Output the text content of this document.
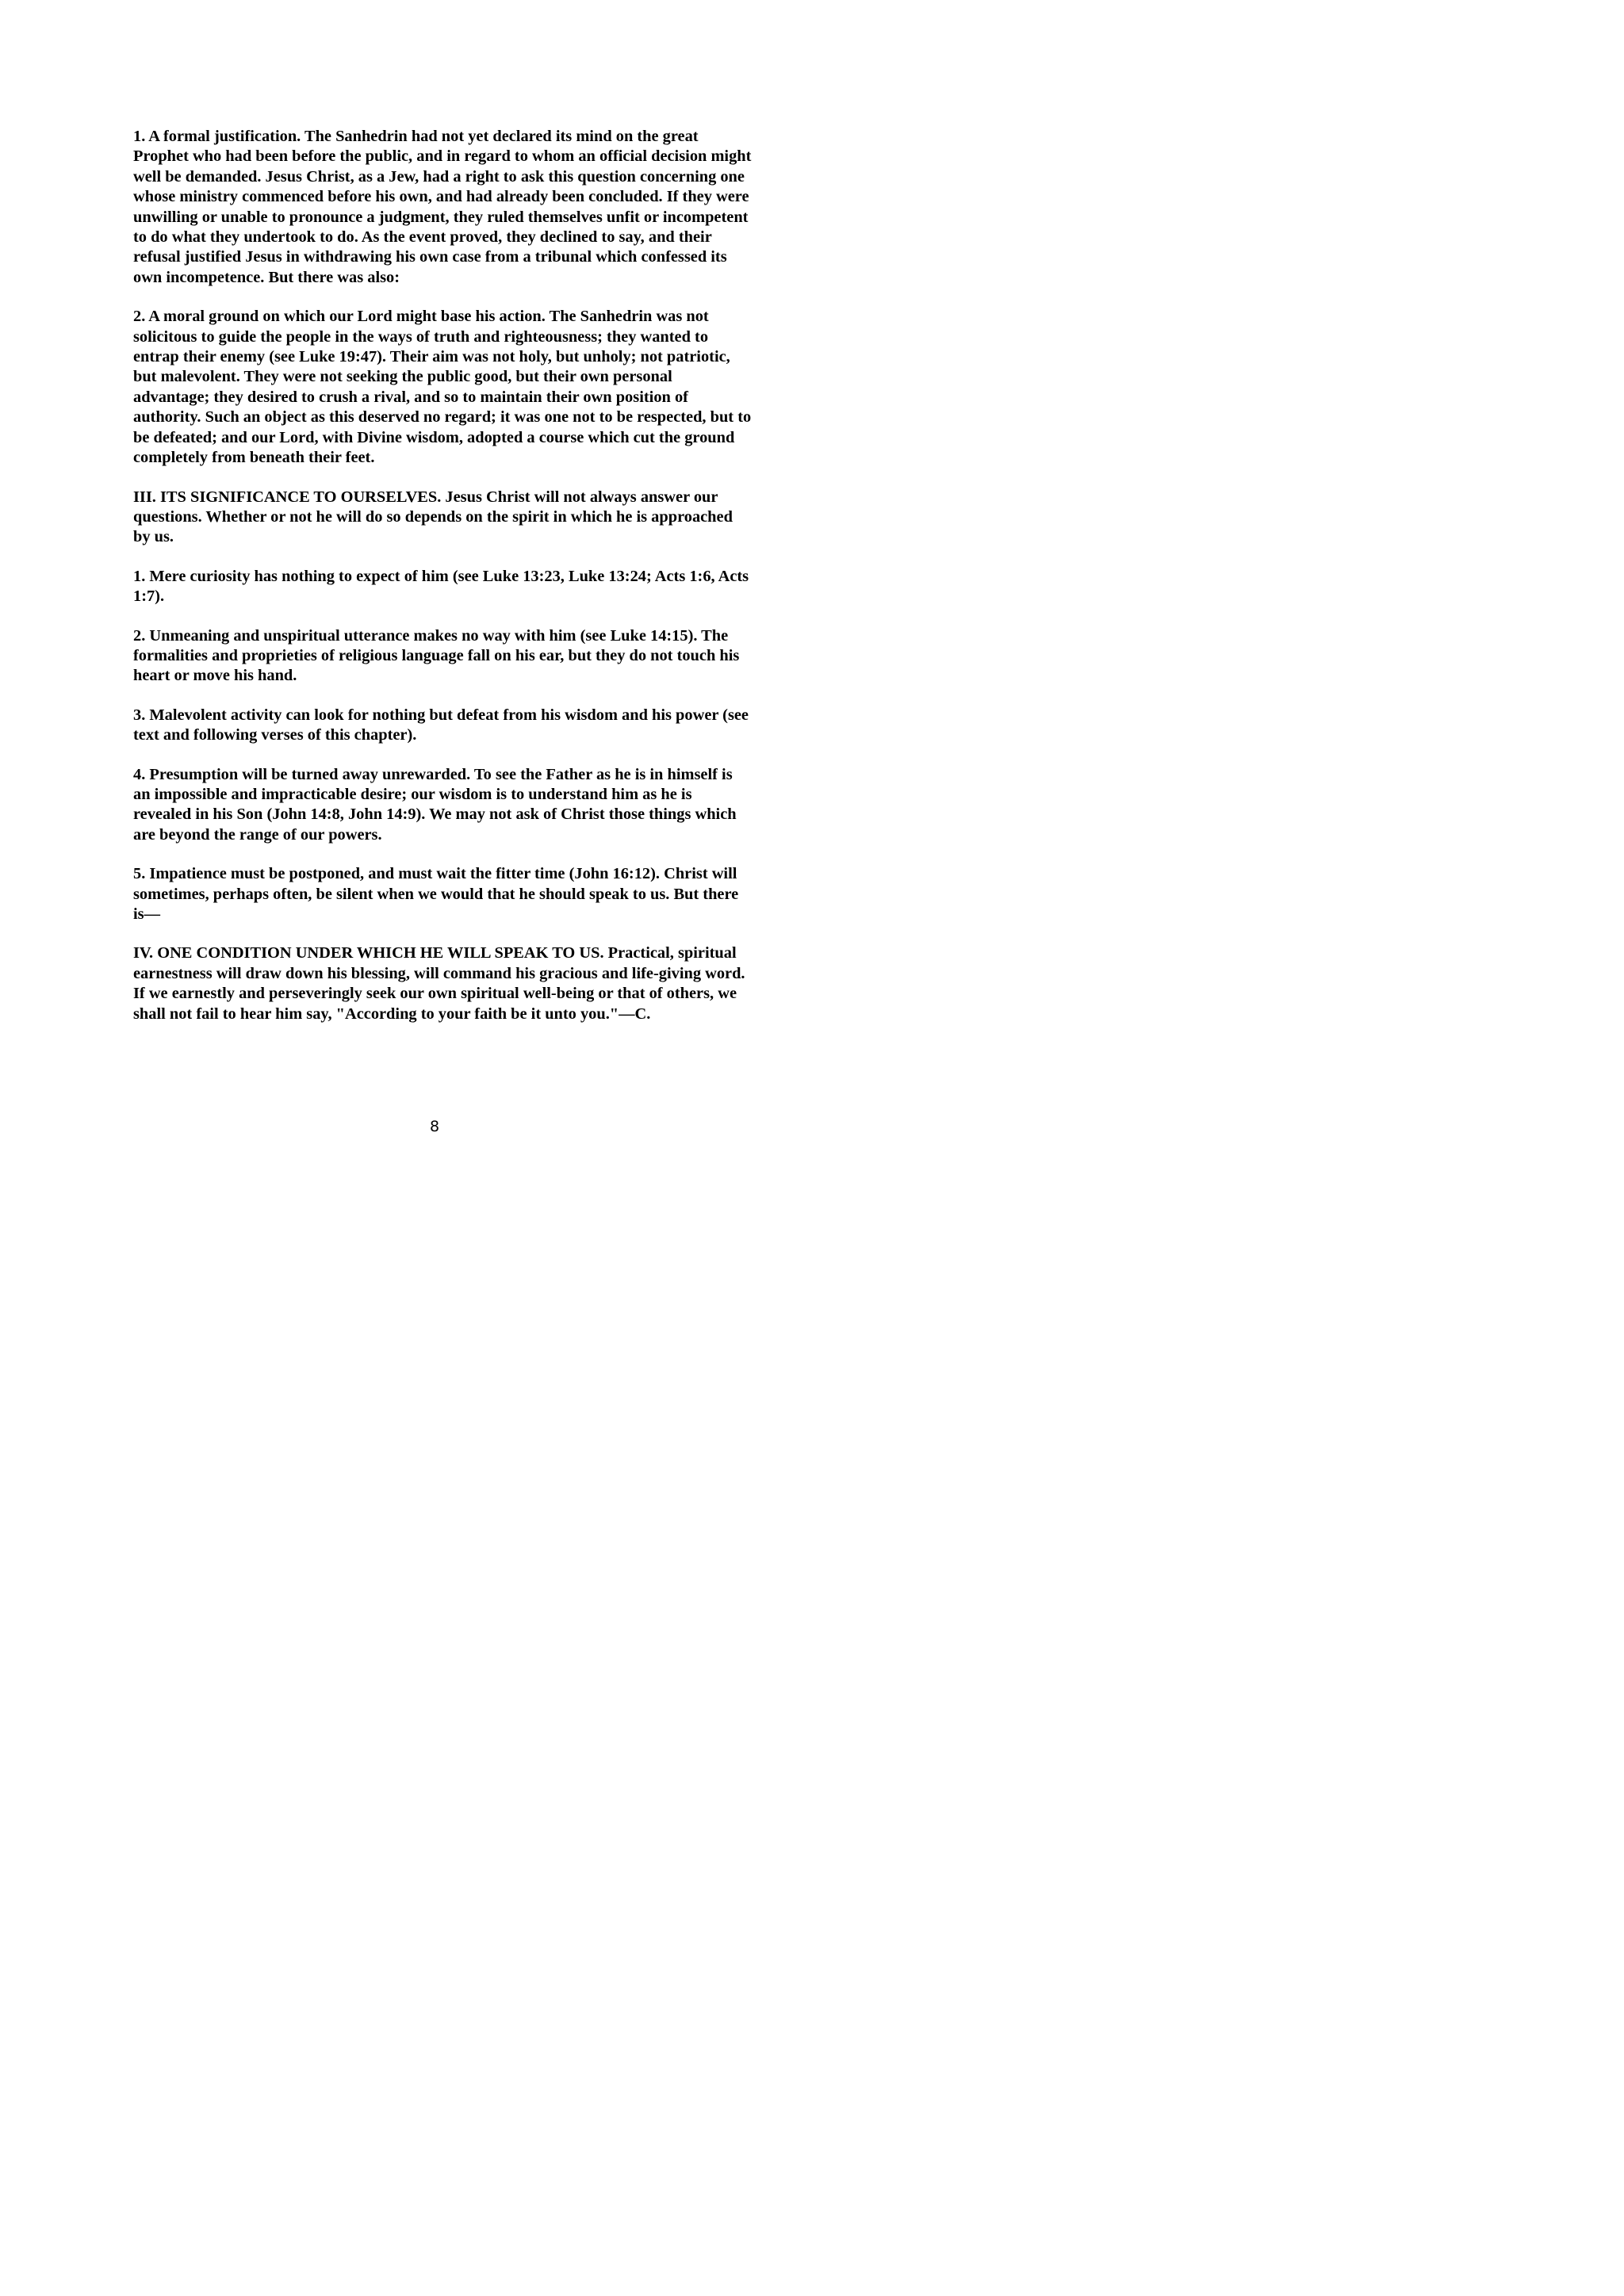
1. A formal justification. The Sanhedrin had not yet declared its mind on the great Prophet who had been before the public, and in regard to whom an official decision might well be demanded. Jesus Christ, as a Jew, had a right to ask this question concerning one whose ministry commenced before his own, and had already been concluded. If they were unwilling or unable to pronounce a judgment, they ruled themselves unfit or incompetent to do what they undertook to do. As the event proved, they declined to say, and their refusal justified Jesus in withdrawing his own case from a tribunal which confessed its own incompetence. But there was also:

2. A moral ground on which our Lord might base his action. The Sanhedrin was not solicitous to guide the people in the ways of truth and righteousness; they wanted to entrap their enemy (see Luke 19:47). Their aim was not holy, but unholy; not patriotic, but malevolent. They were not seeking the public good, but their own personal advantage; they desired to crush a rival, and so to maintain their own position of authority. Such an object as this deserved no regard; it was one not to be respected, but to be defeated; and our Lord, with Divine wisdom, adopted a course which cut the ground completely from beneath their feet.

III. ITS SIGNIFICANCE TO OURSELVES. Jesus Christ will not always answer our questions. Whether or not he will do so depends on the spirit in which he is approached by us.

1. Mere curiosity has nothing to expect of him (see Luke 13:23, Luke 13:24; Acts 1:6, Acts 1:7).

2. Unmeaning and unspiritual utterance makes no way with him (see Luke 14:15). The formalities and proprieties of religious language fall on his ear, but they do not touch his heart or move his hand.

3. Malevolent activity can look for nothing but defeat from his wisdom and his power (see text and following verses of this chapter).

4. Presumption will be turned away unrewarded. To see the Father as he is in himself is an impossible and impracticable desire; our wisdom is to understand him as he is revealed in his Son (John 14:8, John 14:9). We may not ask of Christ those things which are beyond the range of our powers.

5. Impatience must be postponed, and must wait the fitter time (John 16:12). Christ will sometimes, perhaps often, be silent when we would that he should speak to us. But there is—

IV. ONE CONDITION UNDER WHICH HE WILL SPEAK TO US. Practical, spiritual earnestness will draw down his blessing, will command his gracious and life-giving word. If we earnestly and perseveringly seek our own spiritual well-being or that of others, we shall not fail to hear him say, "According to your faith be it unto you."—C.

8
